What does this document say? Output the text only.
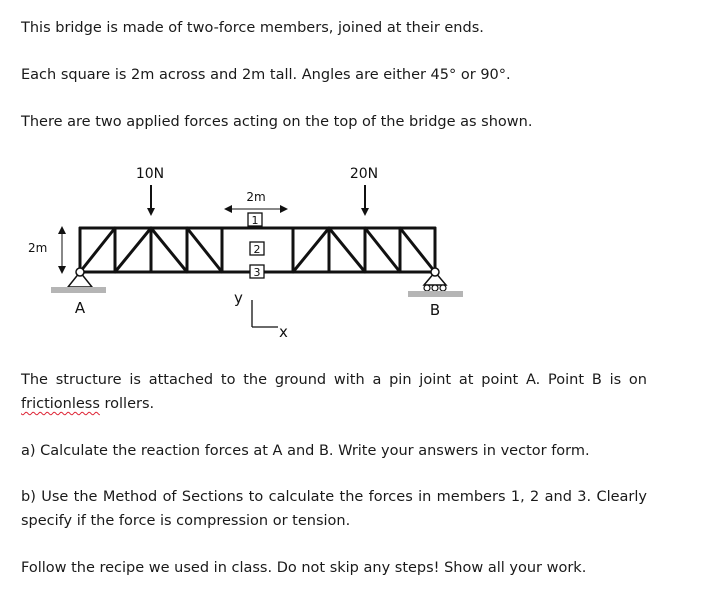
This bridge is made of two-force members, joined at their ends.

Each square is 2m across and 2m tall. Angles are either 45° or 90°.

There are two applied forces acting on the top of the bridge as shown.

1
2
3
10N	20N
2m
2m
A	B
y
x

The structure is attached to the ground with a pin joint at point A. Point B is on frictionless rollers.

a) Calculate the reaction forces at A and B. Write your answers in vector form.

b) Use the Method of Sections to calculate the forces in members 1, 2 and 3. Clearly specify if the force is compression or tension.

Follow the recipe we used in class. Do not skip any steps! Show all your work.
